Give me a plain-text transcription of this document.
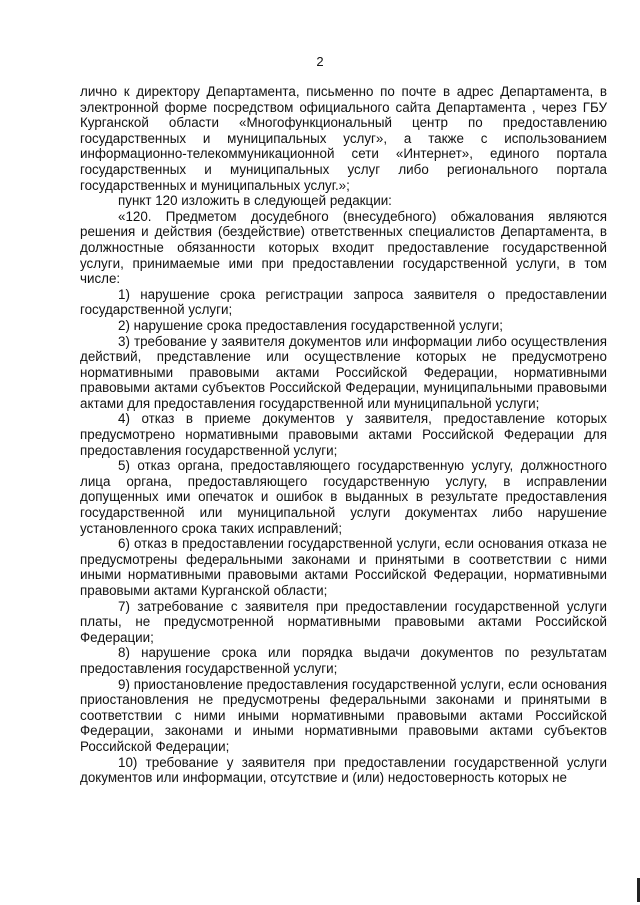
2

лично к директору Департамента, письменно по почте в адрес Департамента, в электронной форме посредством официального сайта Департамента , через ГБУ Курганской области «Многофункциональный центр по предоставлению государственных и муниципальных услуг», а также с использованием информационно-телекоммуникационной сети «Интернет», единого портала государственных и муниципальных услуг либо регионального портала государственных и муниципальных услуг.»;

пункт 120 изложить в следующей редакции:

«120. Предметом досудебного (внесудебного) обжалования являются решения и действия (бездействие) ответственных специалистов Департамента, в должностные обязанности которых входит предоставление государственной услуги, принимаемые ими при предоставлении государственной услуги, в том числе:

1) нарушение срока регистрации запроса заявителя о предоставлении государственной услуги;

2) нарушение срока предоставления государственной услуги;

3) требование у заявителя документов или информации либо осуществления действий, представление или осуществление которых не предусмотрено нормативными правовыми актами Российской Федерации, нормативными правовыми актами субъектов Российской Федерации, муниципальными правовыми актами для предоставления государственной или муниципальной услуги;

4) отказ в приеме документов у заявителя, предоставление которых предусмотрено нормативными правовыми актами Российской Федерации для предоставления государственной услуги;

5) отказ органа, предоставляющего государственную услугу, должностного лица органа, предоставляющего государственную услугу, в исправлении допущенных ими опечаток и ошибок в выданных в результате предоставления государственной или муниципальной услуги документах либо нарушение установленного срока таких исправлений;

6) отказ в предоставлении государственной услуги, если основания отказа не предусмотрены федеральными законами и принятыми в соответствии с ними иными нормативными правовыми актами Российской Федерации, нормативными правовыми актами Курганской области;

7) затребование с заявителя при предоставлении государственной услуги платы, не предусмотренной нормативными правовыми актами Российской Федерации;

8) нарушение срока или порядка выдачи документов по результатам предоставления государственной услуги;

9) приостановление предоставления государственной услуги, если основания приостановления не предусмотрены федеральными законами и принятыми в соответствии с ними иными нормативными правовыми актами Российской Федерации, законами и иными нормативными правовыми актами субъектов Российской Федерации;

10) требование у заявителя при предоставлении государственной услуги документов или информации, отсутствие и (или) недостоверность которых не
